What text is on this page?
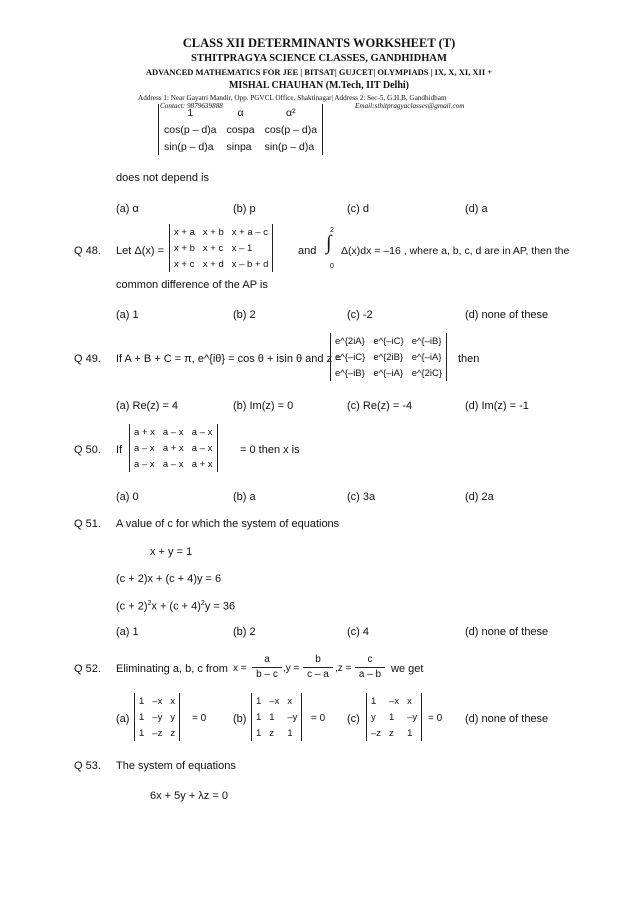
CLASS XII DETERMINANTS WORKSHEET (T)
STHITPRAGYA SCIENCE CLASSES, GANDHIDHAM
ADVANCED MATHEMATICS FOR JEE | BITSAT| GUJCET| OLYMPIADS | IX, X, XI, XII +
MISHAL CHAUHAN (M.Tech, IIT Delhi)
Address 1: Near Gayatri Mandir, Opp. PGVCL Office, Shaktinagar| Address 2: Sec-5, G.H.B, Gandhidham
Contact: 9879639888	Email:sthitpragyaclasses@gmail.com
1	α	α²
cos(p – d)a	cospa	cos(p – d)a
sin(p – d)a	sinpa	sin(p – d)a
does not depend is
(a) α	(b) p	(c) d	(d) a
Q 48. Let Δ(x) =
x + a	x + b	x + a – c
x + b	x + c	x – 1
x + c	x + d	x – b + d
and
2
∫
0
Δ(x)dx = –16 , where a, b, c, d are in AP, then the
common difference of the AP is
(a) 1	(b) 2	(c) -2	(d) none of these
Q 49. If A + B + C = π, e^{iθ} = cos θ + isin θ and z =
e^{2iA}	e^{–iC}	e^{–iB}
e^{–iC}	e^{2iB}	e^{–iA}
e^{–iB}	e^{–iA}	e^{2iC}
then
(a) Re(z) = 4	(b) Im(z) = 0	(c) Re(z) = -4	(d) Im(z) = -1
Q 50. If
a + x	a – x	a – x
a – x	a + x	a – x
a – x	a – x	a + x
= 0 then x is
(a) 0	(b) a	(c) 3a	(d) 2a
Q 51. A value of c for which the system of equations
x + y = 1
(c + 2)x + (c + 4)y = 6
$(c + 2)^2x + (c + 4)^2y = 36$
(a) 1	(b) 2	(c) 4	(d) none of these
Q 52. Eliminating a, b, c from x =
a
b – c
,y =
b
c – a
,z =
c
a – b we get
(a)
1	–x	x
1	–y	y
1	–z	z
= 0 (b)
1	–x	x
1	1	–y
1	z	1
= 0 (c)
1	–x	x
y	1	–y
–z	z	1
= 0 (d) none of these
Q 53. The system of equations
6x + 5y + λz = 0
